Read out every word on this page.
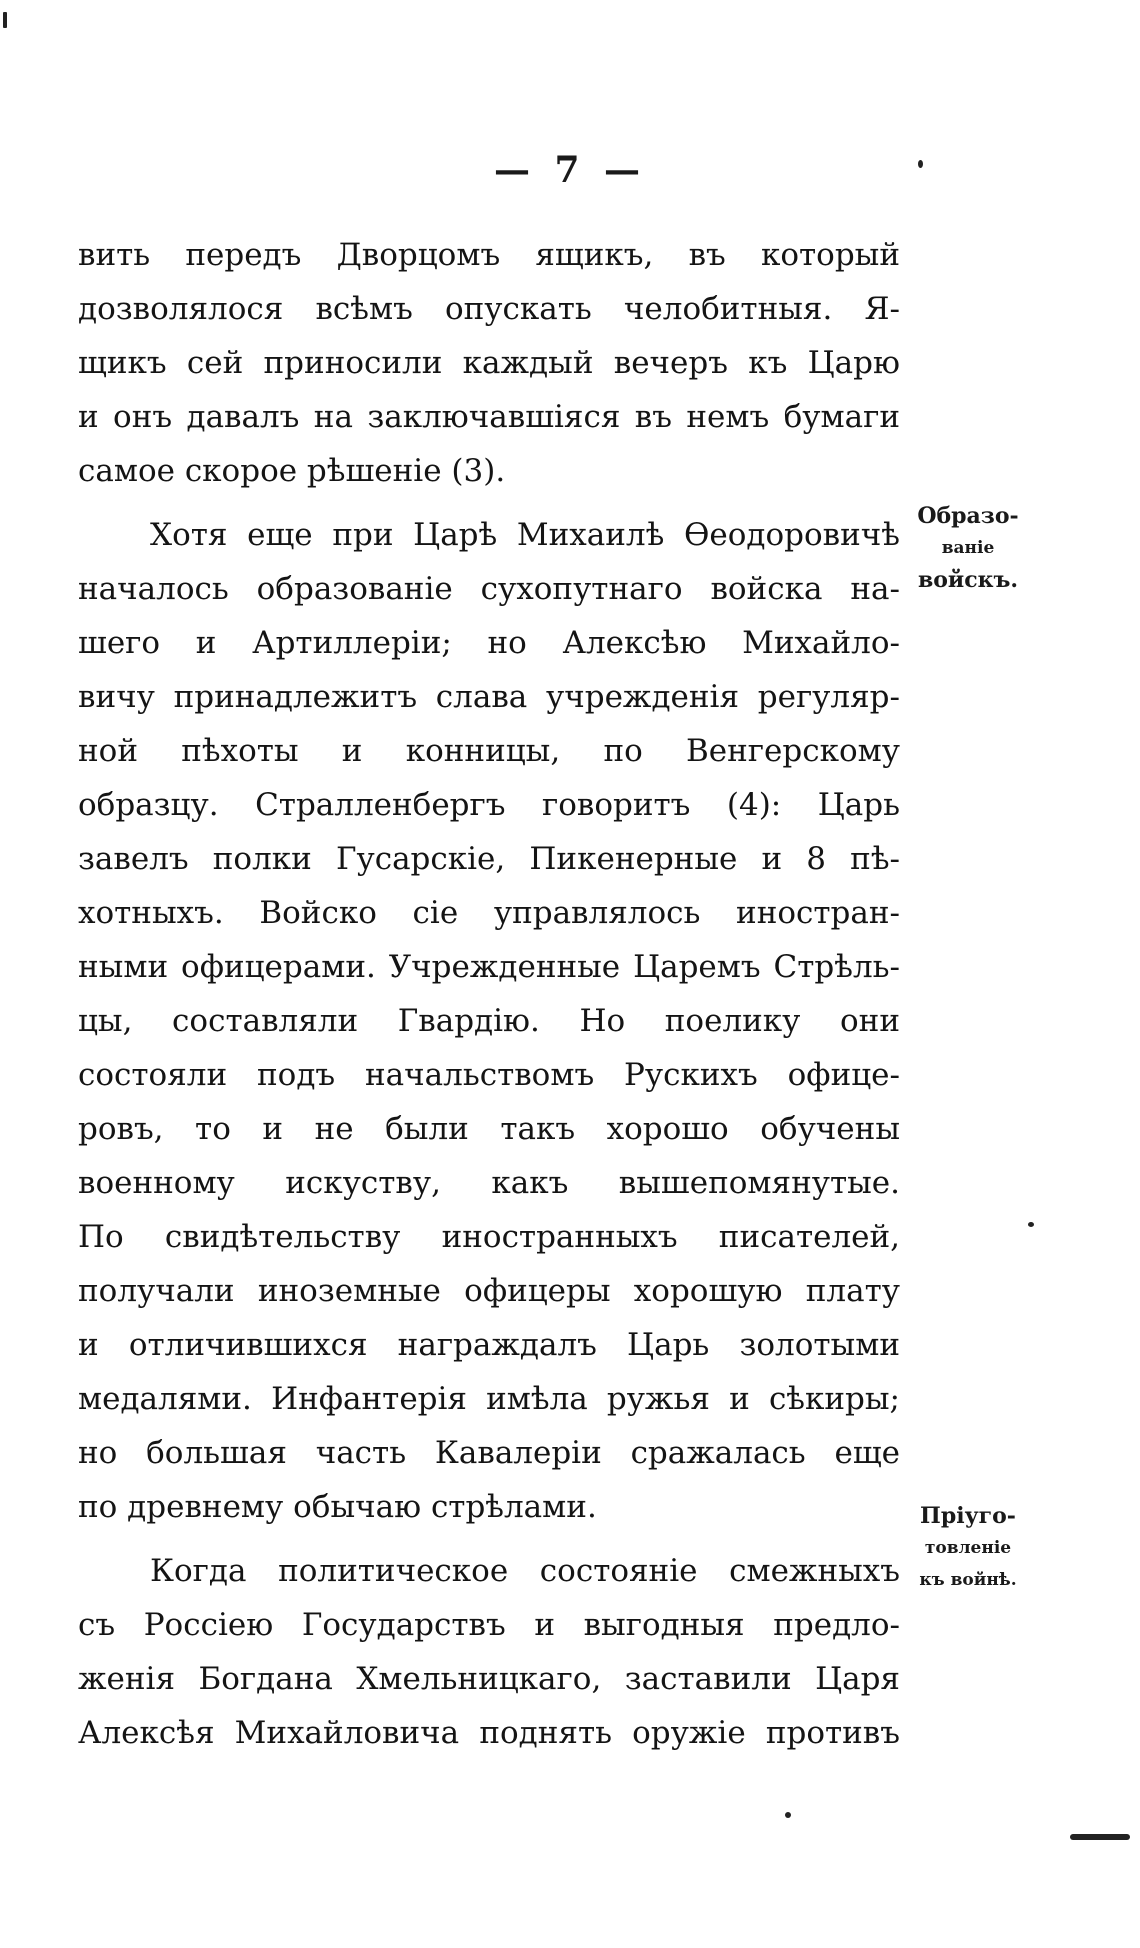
— 7 —
вить передъ Дворцомъ ящикъ, въ который
дозволялося всѣмъ опускать челобитныя. Я-
щикъ сей приносили каждый вечеръ къ Царю
и онъ давалъ на заключавшіяся въ немъ бумаги
самое скорое рѣшеніе (3).
Хотя еще при Царѣ Михаилѣ Ѳеодоровичѣ
началось образованіе сухопутнаго войска на-
шего и Артиллеріи; но Алексѣю Михайло-
вичу принадлежитъ слава учрежденія регуляр-
ной пѣхоты и конницы, по Венгерскому
образцу. Стралленбергъ говоритъ (4): Царь
завелъ полки Гусарскіе, Пикенерные и 8 пѣ-
хотныхъ. Войско сіе управлялось иностран-
ными офицерами. Учрежденные Царемъ Стрѣль-
цы, составляли Гвардію. Но поелику они
состояли подъ начальствомъ Рускихъ офице-
ровъ, то и не были такъ хорошо обучены
военному искуству, какъ вышепомянутые.
По свидѣтельству иностранныхъ писателей,
получали иноземные офицеры хорошую плату
и отличившихся награждалъ Царь золотыми
медалями. Инфантерія имѣла ружья и сѣкиры;
но большая часть Кавалеріи сражалась еще
по древнему обычаю стрѣлами.
Когда политическое состояніе смежныхъ
съ Россіею Государствъ и выгодныя предло-
женія Богдана Хмельницкаго, заставили Царя
Алексѣя Михайловича поднять оружіе противъ
Образо-
ваніе
войскъ.
Пріуго-
товленіе
къ войнѣ.
